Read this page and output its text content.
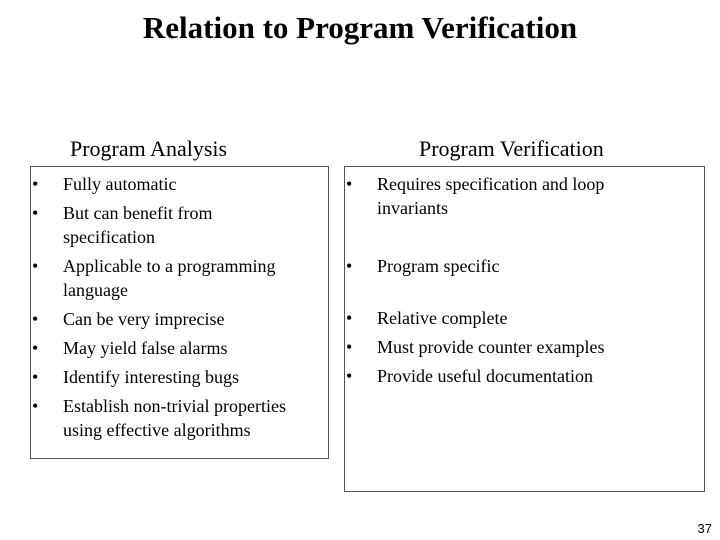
Relation to Program Verification
Program Analysis	Program Verification
• Fully automatic
• But can benefit from specification
• Applicable to a programming language
• Can be very imprecise
• May yield false alarms
• Identify interesting bugs
• Establish non-trivial properties using effective algorithms
• Requires specification and loop invariants
• Program specific
• Relative complete
• Must provide counter examples
• Provide useful documentation
37
